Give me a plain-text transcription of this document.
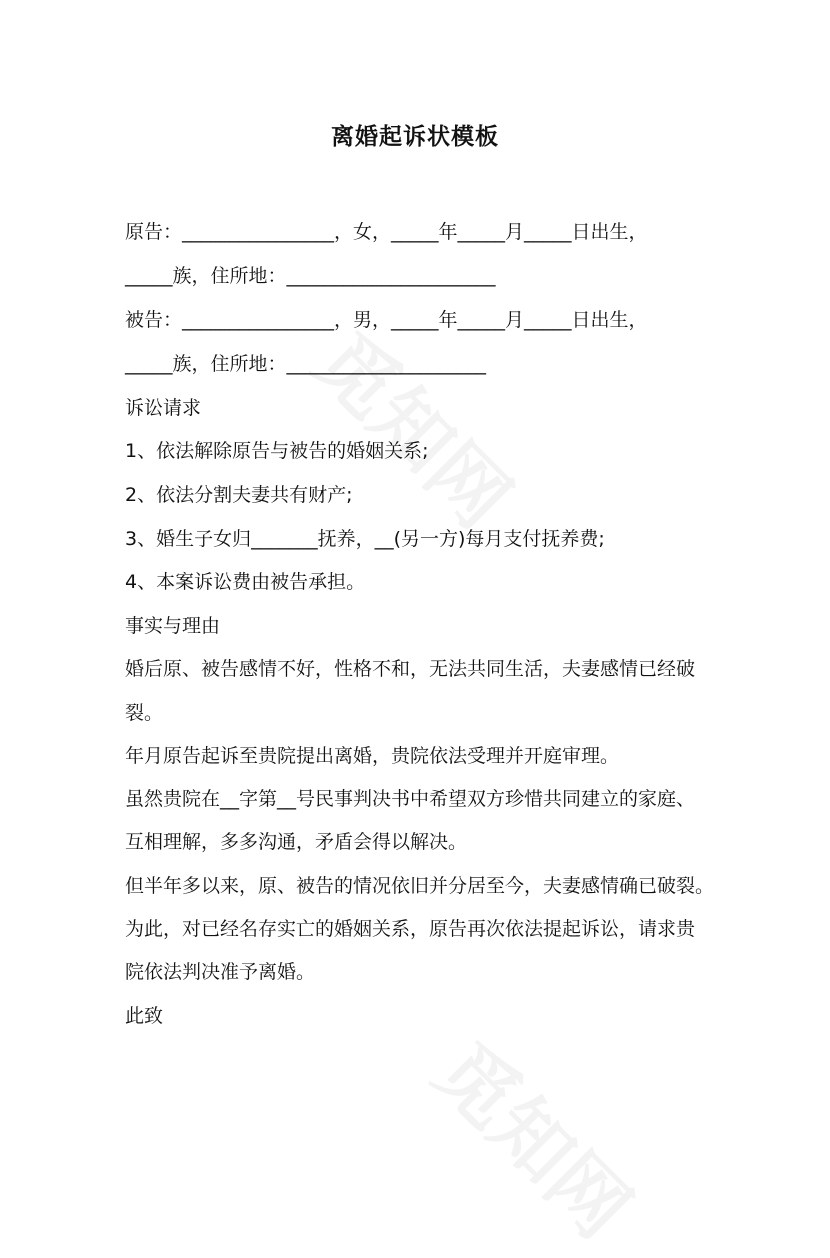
离婚起诉状模板
原告：________________，女，_____年_____月_____日出生，
_____族，住所地：______________________
被告：________________，男，_____年_____月_____日出生，
_____族，住所地：_____________________
诉讼请求
1、依法解除原告与被告的婚姻关系;
2、依法分割夫妻共有财产;
3、婚生子女归_______抚养，__(另一方)每月支付抚养费;
4、本案诉讼费由被告承担。
事实与理由
婚后原、被告感情不好，性格不和，无法共同生活，夫妻感情已经破
裂。
年月原告起诉至贵院提出离婚，贵院依法受理并开庭审理。
虽然贵院在__字第__号民事判决书中希望双方珍惜共同建立的家庭、
互相理解，多多沟通，矛盾会得以解决。
但半年多以来，原、被告的情况依旧并分居至今，夫妻感情确已破裂。
为此，对已经名存实亡的婚姻关系，原告再次依法提起诉讼，请求贵
院依法判决准予离婚。
此致
